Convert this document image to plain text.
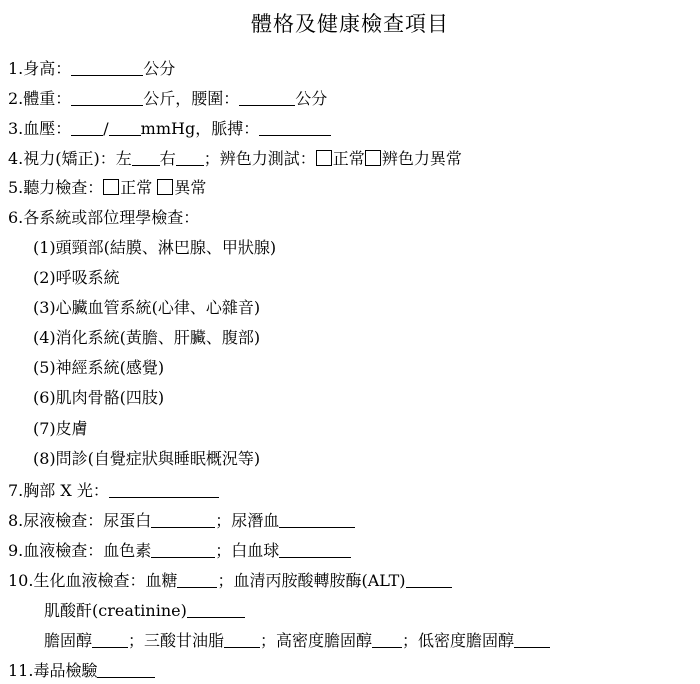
體格及健康檢查項目
1.身高：	公分
2.體重：	公斤，腰圍：	公分
3.血壓： / mmHg，脈搏：
4.視力(矯正)：左 右 ；辨色力測試： 正常 辨色力異常
5.聽力檢查： 正常 異常
6.各系統或部位理學檢查：
(1)頭頸部(結膜、淋巴腺、甲狀腺)
(2)呼吸系統
(3)心臟血管系統(心律、心雜音)
(4)消化系統(黃膽、肝臟、腹部)
(5)神經系統(感覺)
(6)肌肉骨骼(四肢)
(7)皮膚
(8)問診(自覺症狀與睡眠概況等)
7.胸部 X 光：
8.尿液檢查：尿蛋白	；尿潛血
9.血液檢查：血色素	；白血球
10.生化血液檢查：血糖	；血清丙胺酸轉胺酶(ALT)
肌酸酐(creatinine)
膽固醇 ；三酸甘油脂 ；高密度膽固醇 ；低密度膽固醇
11.毒品檢驗
